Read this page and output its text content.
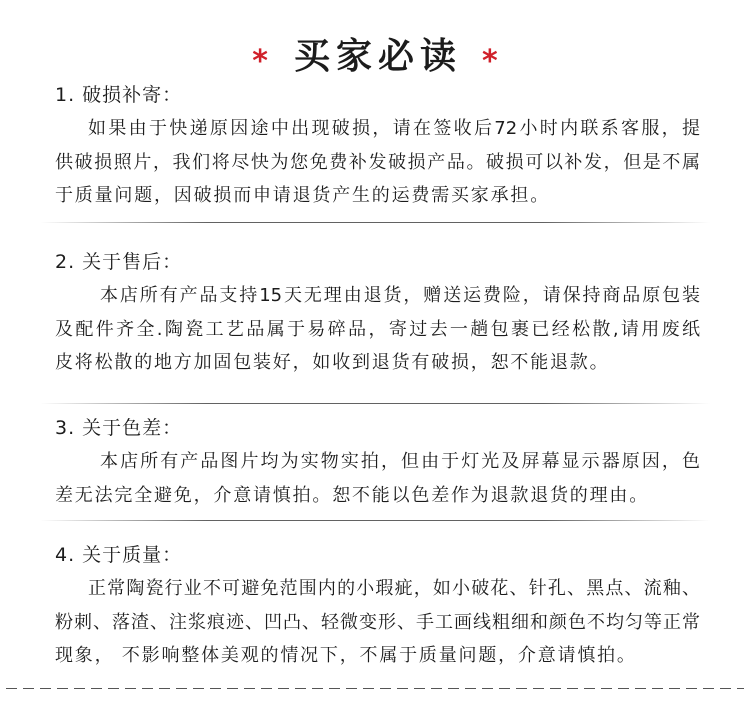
* 买家必读 *
1. 破损补寄：
如果由于快递原因途中出现破损，请在签收后72小时内联系客服，提
供破损照片，我们将尽快为您免费补发破损产品。破损可以补发，但是不属
于质量问题，因破损而申请退货产生的运费需买家承担。
2. 关于售后：
本店所有产品支持15天无理由退货，赠送运费险，请保持商品原包装
及配件齐全.陶瓷工艺品属于易碎品，寄过去一趟包裹已经松散,请用废纸
皮将松散的地方加固包装好，如收到退货有破损，恕不能退款。
3. 关于色差：
本店所有产品图片均为实物实拍，但由于灯光及屏幕显示器原因，色
差无法完全避免，介意请慎拍。恕不能以色差作为退款退货的理由。
4. 关于质量：
正常陶瓷行业不可避免范围内的小瑕疵，如小破花、针孔、黑点、流釉、
粉刺、落渣、注浆痕迹、凹凸、轻微变形、手工画线粗细和颜色不均匀等正常
现象， 不影响整体美观的情况下，不属于质量问题，介意请慎拍。
